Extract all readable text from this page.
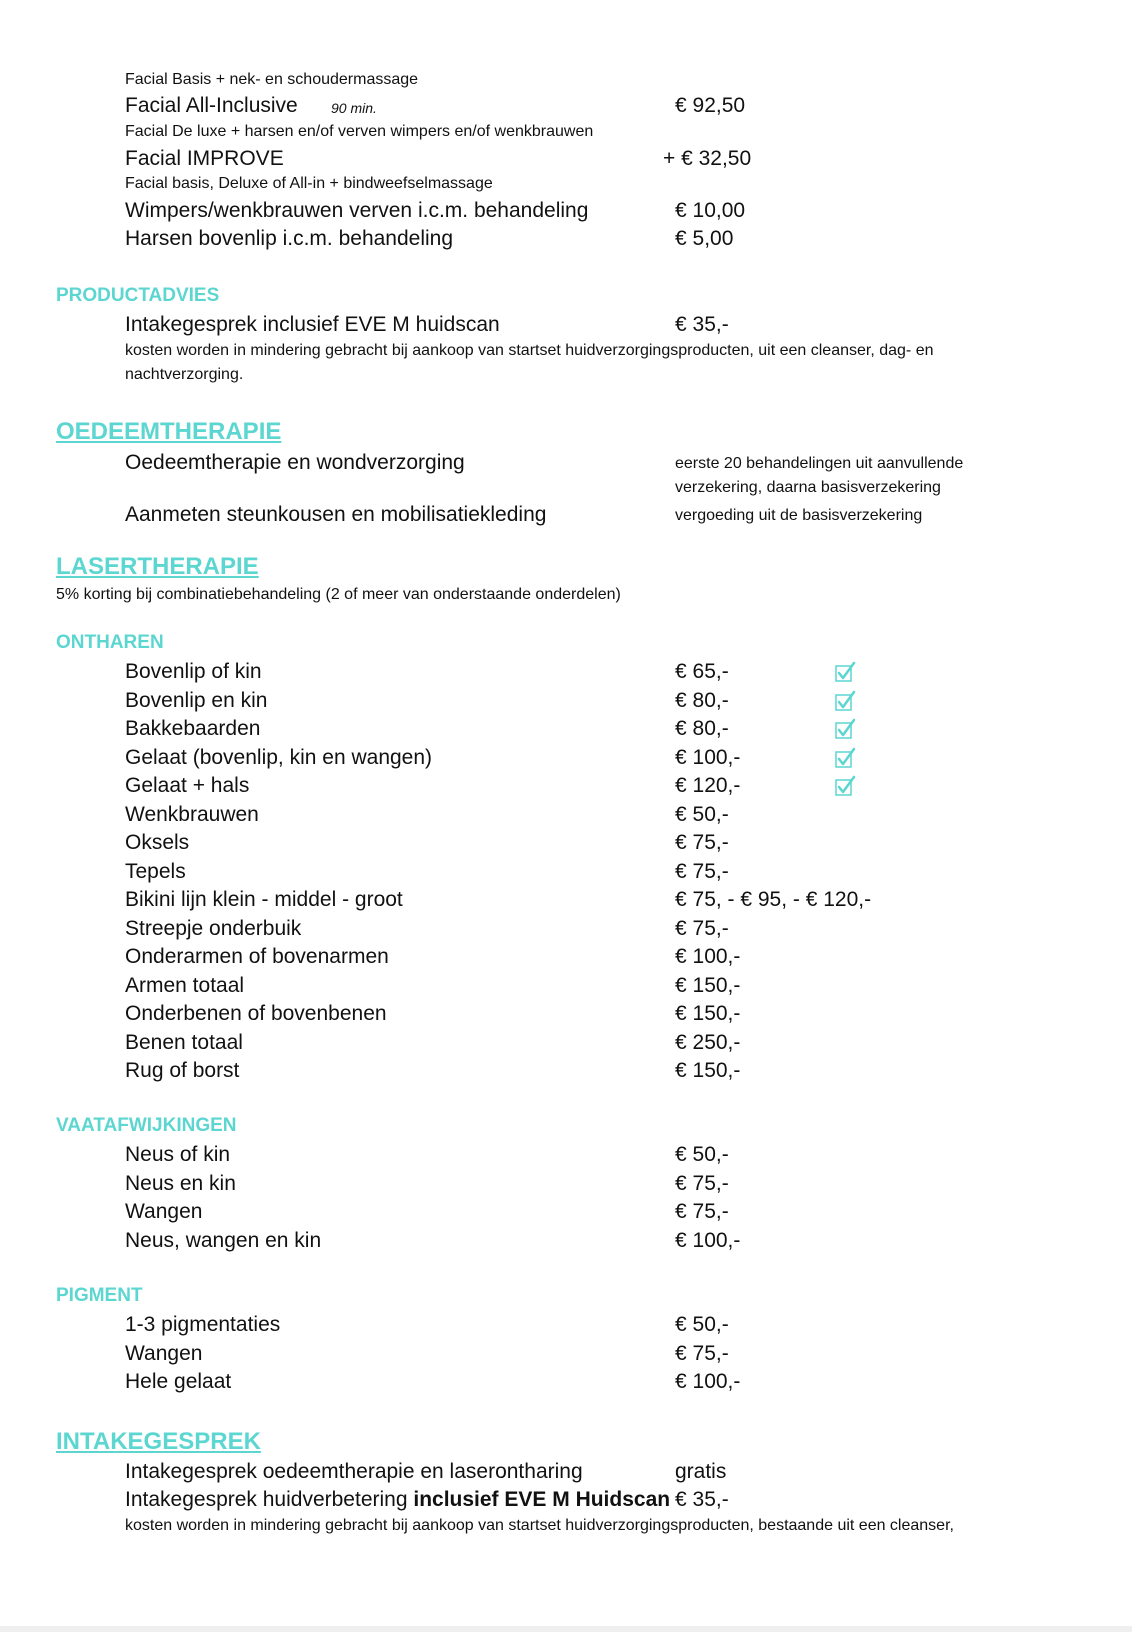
Facial Basis + nek- en schoudermassage
Facial All-Inclusive 90 min.	€ 92,50
Facial De luxe + harsen en/of verven wimpers en/of wenkbrauwen
Facial IMPROVE	+ € 32,50
Facial basis, Deluxe of All-in + bindweefselmassage
Wimpers/wenkbrauwen verven i.c.m. behandeling	€ 10,00
Harsen bovenlip i.c.m. behandeling	€ 5,00
PRODUCTADVIES
Intakegesprek inclusief EVE M huidscan	€ 35,-
kosten worden in mindering gebracht bij aankoop van startset huidverzorgingsproducten, uit een cleanser, dag- en
nachtverzorging.
OEDEEMTHERAPIE
Oedeemtherapie en wondverzorging	eerste 20 behandelingen uit aanvullende
verzekering, daarna basisverzekering
Aanmeten steunkousen en mobilisatiekleding	vergoeding uit de basisverzekering
LASERTHERAPIE
5% korting bij combinatiebehandeling (2 of meer van onderstaande onderdelen)
ONTHAREN
Bovenlip of kin	€ 65,-
Bovenlip en kin	€ 80,-
Bakkebaarden	€ 80,-
Gelaat (bovenlip, kin en wangen)	€ 100,-
Gelaat + hals	€ 120,-
Wenkbrauwen	€ 50,-
Oksels	€ 75,-
Tepels	€ 75,-
Bikini lijn klein - middel - groot	€ 75, - € 95, - € 120,-
Streepje onderbuik	€ 75,-
Onderarmen of bovenarmen	€ 100,-
Armen totaal	€ 150,-
Onderbenen of bovenbenen	€ 150,-
Benen totaal	€ 250,-
Rug of borst	€ 150,-
VAATAFWIJKINGEN
Neus of kin	€ 50,-
Neus en kin	€ 75,-
Wangen	€ 75,-
Neus, wangen en kin	€ 100,-
PIGMENT
1-3 pigmentaties	€ 50,-
Wangen	€ 75,-
Hele gelaat	€ 100,-
INTAKEGESPREK
Intakegesprek oedeemtherapie en laserontharing	gratis
Intakegesprek huidverbetering inclusief EVE M Huidscan € 35,-
kosten worden in mindering gebracht bij aankoop van startset huidverzorgingsproducten, bestaande uit een cleanser,
